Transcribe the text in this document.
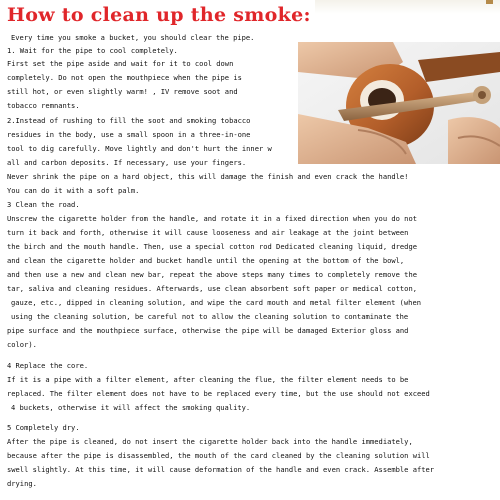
How to clean up the smoke:

Every time you smoke a bucket, you should clear the pipe.

1. Wait for the pipe to cool completely.

First set the pipe aside and wait for it to cool down

completely. Do not open the mouthpiece when the pipe is

still hot, or even slightly warm! , IV remove soot and

tobacco remnants.

2.Instead of rushing to fill the soot and smoking tobacco

residues in the body, use a small spoon in a three-in-one

tool to dig carefully. Move lightly and don't hurt the inner w

all and carbon deposits. If necessary, use your fingers.

Never shrink the pipe on a hard object, this will damage the finish and even crack the handle!

You can do it with a soft palm.

3 Clean the road.

Unscrew the cigarette holder from the handle, and rotate it in a fixed direction when you do not

turn it back and forth, otherwise it will cause looseness and air leakage at the joint between

the birch and the mouth handle. Then, use a special cotton rod Dedicated cleaning liquid, dredge

and clean the cigarette holder and bucket handle until the opening at the bottom of the bowl,

and then use a new and clean new bar, repeat the above steps many times to completely remove the

tar, saliva and cleaning residues. Afterwards, use clean absorbent soft paper or medical cotton,

gauze, etc., dipped in cleaning solution, and wipe the card mouth and metal filter element (when

using the cleaning solution, be careful not to allow the cleaning solution to contaminate the

pipe surface and the mouthpiece surface, otherwise the pipe will be damaged Exterior gloss and

color).

4 Replace the core.

If it is a pipe with a filter element, after cleaning the flue, the filter element needs to be

replaced. The filter element does not have to be replaced every time, but the use should not exceed

4 buckets, otherwise it will affect the smoking quality.

5 Completely dry.

After the pipe is cleaned, do not insert the cigarette holder back into the handle immediately,

because after the pipe is disassembled, the mouth of the card cleaned by the cleaning solution will

swell slightly. At this time, it will cause deformation of the handle and even crack. Assemble after

drying.
